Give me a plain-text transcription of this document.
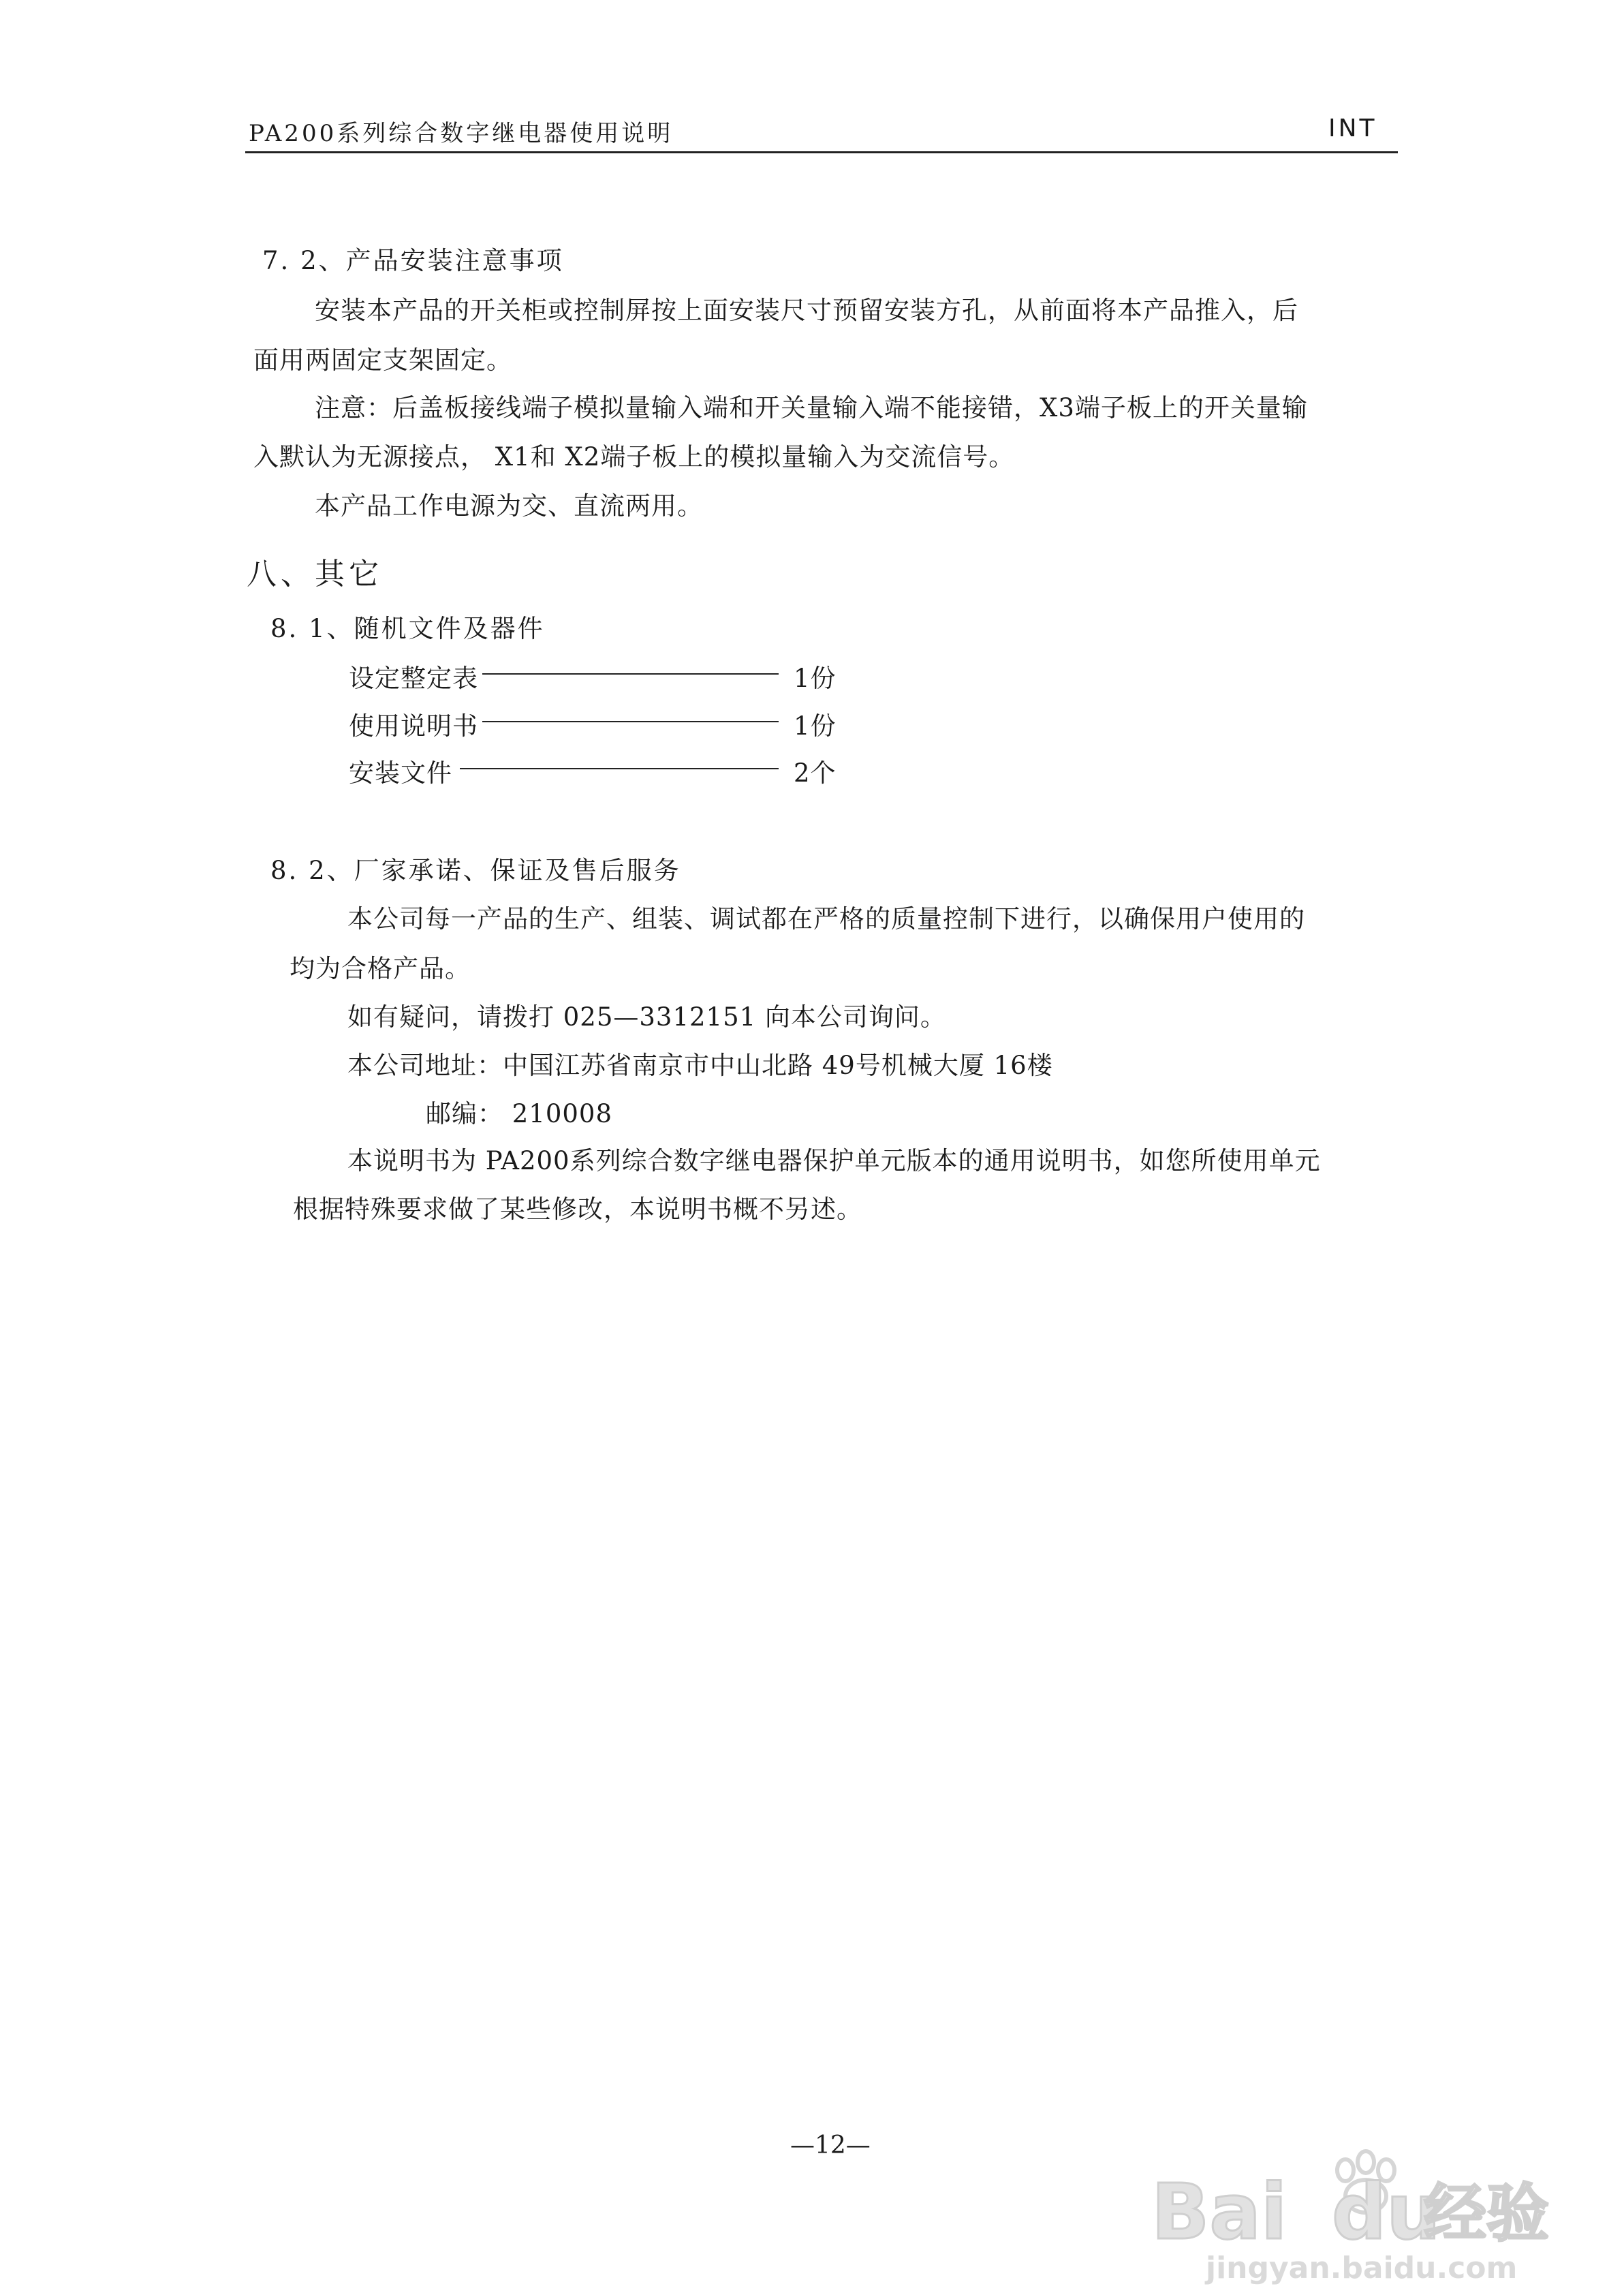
PA200系列综合数字继电器使用说明	INT
7. 2、产品安装注意事项
安装本产品的开关柜或控制屏按上面安装尺寸预留安装方孔，从前面将本产品推入，后
面用两固定支架固定。
注意：后盖板接线端子模拟量输入端和开关量输入端不能接错，X3端子板上的开关量输
入默认为无源接点， X1和 X2端子板上的模拟量输入为交流信号。
本产品工作电源为交、直流两用。
八、其它
8. 1、随机文件及器件
设定整定表	1份
使用说明书	1份
安装文件	2个
8. 2、厂家承诺、保证及售后服务
本公司每一产品的生产、组装、调试都在严格的质量控制下进行，以确保用户使用的
均为合格产品。
如有疑问，请拨打 025—3312151 向本公司询问。
本公司地址：中国江苏省南京市中山北路 49号机械大厦 16楼
邮编： 210008
本说明书为 PA200系列综合数字继电器保护单元版本的通用说明书，如您所使用单元
根据特殊要求做了某些修改，本说明书概不另述。
—12—
Bai du
经验
jingyan.baidu.com
